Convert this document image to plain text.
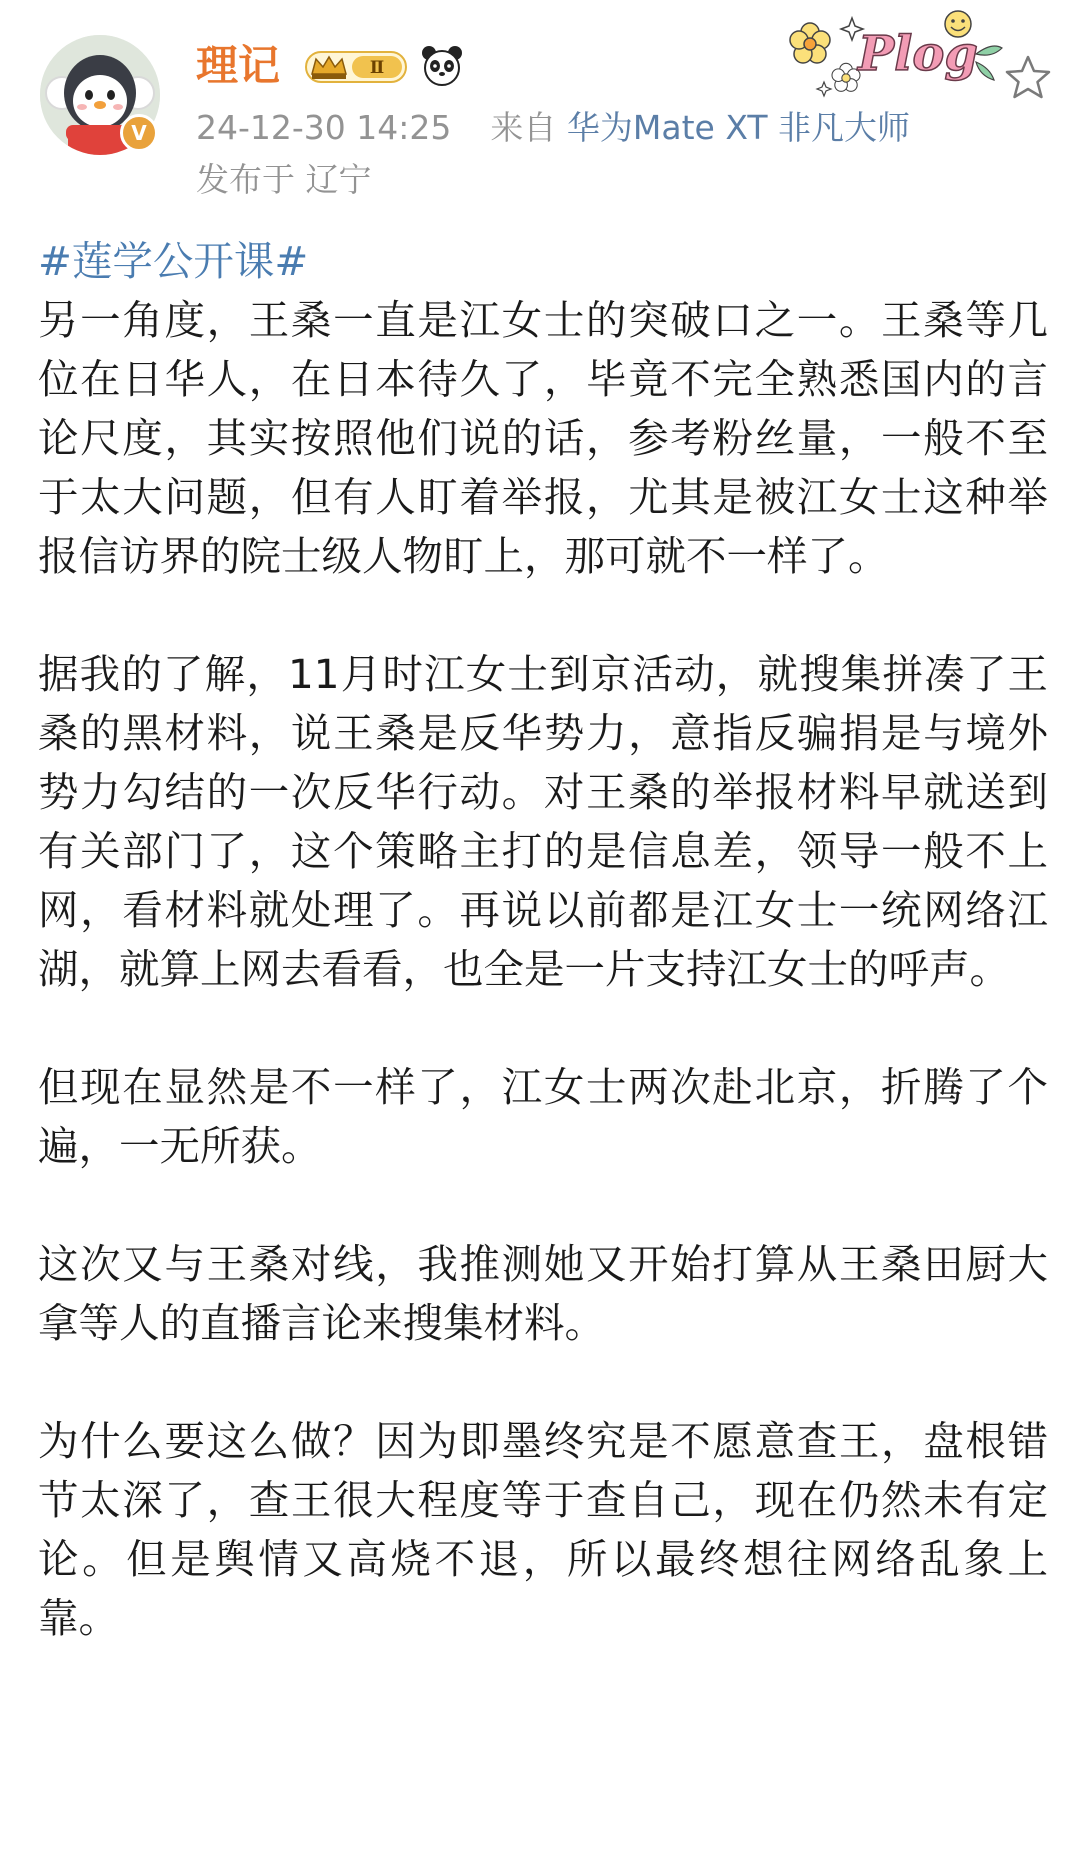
V
理记	Ⅱ
24-12-30 14:25 来自 华为Mate XT 非凡大师
发布于 辽宁
Plog
#莲学公开课#

另一角度，王桑一直是江女士的突破口之一。王桑等几位在日华人，在日本待久了，毕竟不完全熟悉国内的言论尺度，其实按照他们说的话，参考粉丝量，一般不至于太大问题，但有人盯着举报，尤其是被江女士这种举报信访界的院士级人物盯上，那可就不一样了。

据我的了解，11月时江女士到京活动，就搜集拼凑了王桑的黑材料，说王桑是反华势力，意指反骗捐是与境外势力勾结的一次反华行动。对王桑的举报材料早就送到有关部门了，这个策略主打的是信息差，领导一般不上网，看材料就处理了。再说以前都是江女士一统网络江湖，就算上网去看看，也全是一片支持江女士的呼声。

但现在显然是不一样了，江女士两次赴北京，折腾了个遍，一无所获。

这次又与王桑对线，我推测她又开始打算从王桑田厨大拿等人的直播言论来搜集材料。

为什么要这么做？因为即墨终究是不愿意查王，盘根错节太深了，查王很大程度等于查自己，现在仍然未有定论。但是舆情又高烧不退，所以最终想往网络乱象上靠。
